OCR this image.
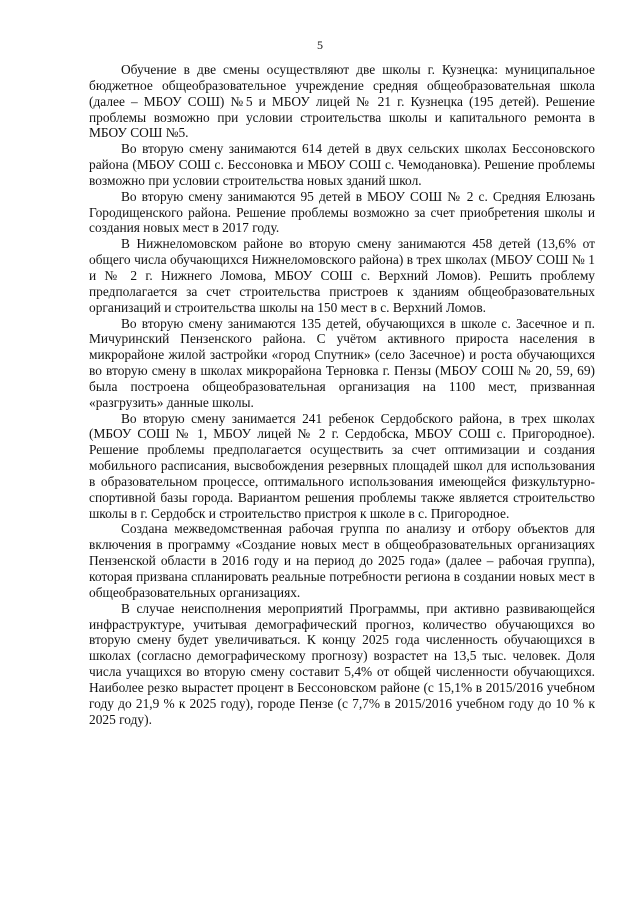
5

Обучение в две смены осуществляют две школы г. Кузнецка: муниципальное бюджетное общеобразовательное учреждение средняя общеобразовательная школа (далее – МБОУ СОШ) №5 и МБОУ лицей № 21 г. Кузнецка (195 детей). Решение проблемы возможно при условии строительства школы и капитального ремонта в МБОУ СОШ №5.

Во вторую смену занимаются 614 детей в двух сельских школах Бессоновского района (МБОУ СОШ с. Бессоновка и МБОУ СОШ с. Чемодановка). Решение проблемы возможно при условии строительства новых зданий школ.

Во вторую смену занимаются 95 детей в МБОУ СОШ № 2 с. Средняя Елюзань Городищенского района. Решение проблемы возможно за счет приобретения школы и создания новых мест в 2017 году.

В Нижнеломовском районе во вторую смену занимаются 458 детей (13,6% от общего числа обучающихся Нижнеломовского района) в трех школах (МБОУ СОШ № 1 и № 2 г. Нижнего Ломова, МБОУ СОШ с. Верхний Ломов). Решить проблему предполагается за счет строительства пристроев к зданиям общеобразовательных организаций и строительства школы на 150 мест в с. Верхний Ломов.

Во вторую смену занимаются 135 детей, обучающихся в школе с. Засечное и п. Мичуринский Пензенского района. С учётом активного прироста населения в микрорайоне жилой застройки «город Спутник» (село Засечное) и роста обучающихся во вторую смену в школах микрорайона Терновка г. Пензы (МБОУ СОШ № 20, 59, 69) была построена общеобразовательная организация на 1100 мест, призванная «разгрузить» данные школы.

Во вторую смену занимается 241 ребенок Сердобского района, в трех школах (МБОУ СОШ № 1, МБОУ лицей № 2 г. Сердобска, МБОУ СОШ с. Пригородное). Решение проблемы предполагается осуществить за счет оптимизации и создания мобильного расписания, высвобождения резервных площадей школ для использования в образовательном процессе, оптимального использования имеющейся физкультурно-спортивной базы города. Вариантом решения проблемы также является строительство школы в г. Сердобск и строительство пристроя к школе в с. Пригородное.

Создана межведомственная рабочая группа по анализу и отбору объектов для включения в программу «Создание новых мест в общеобразовательных организациях Пензенской области в 2016 году и на период до 2025 года» (далее – рабочая группа), которая призвана спланировать реальные потребности региона в создании новых мест в общеобразовательных организациях.

В случае неисполнения мероприятий Программы, при активно развивающейся инфраструктуре, учитывая демографический прогноз, количество обучающихся во вторую смену будет увеличиваться. К концу 2025 года численность обучающихся в школах (согласно демографическому прогнозу) возрастет на 13,5 тыс. человек. Доля числа учащихся во вторую смену составит 5,4% от общей численности обучающихся. Наиболее резко вырастет процент в Бессоновском районе (с 15,1% в 2015/2016 учебном году до 21,9 % к 2025 году), городе Пензе (с 7,7% в 2015/2016 учебном году до 10 % к 2025 году).
